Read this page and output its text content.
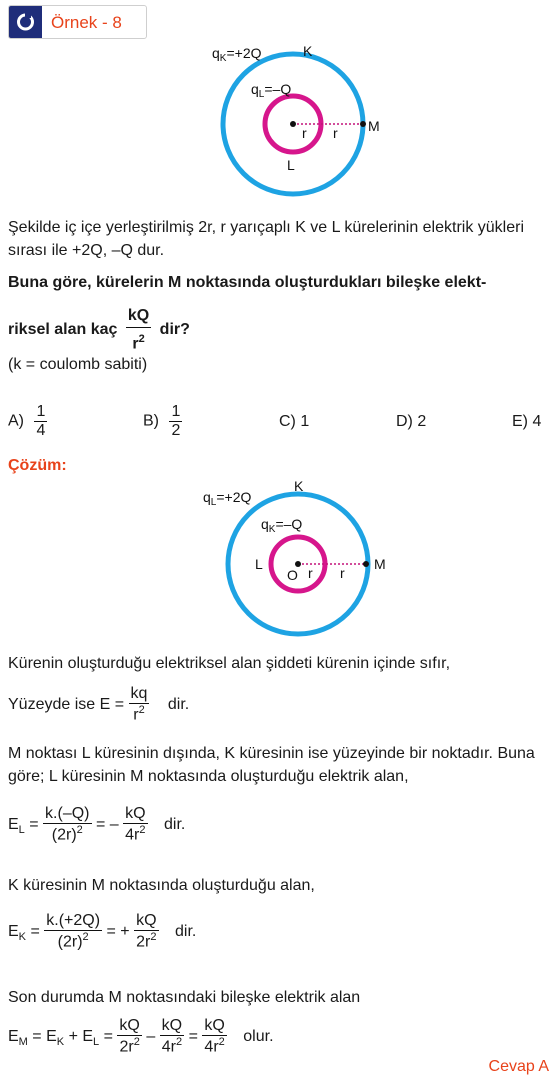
Örnek - 8
$q_K=+2Q$	K
$q_L=-Q$
r r M
L
Şekilde iç içe yerleştirilmiş 2r, r yarıçaplı K ve L kürelerinin elektrik yükleri sırası ile +2Q, –Q dur.
Buna göre, kürelerin M noktasında oluşturdukları bileşke elekt-
riksel alan kaç $\frac{kQ}{r^2}$ dir?
(k = coulomb sabiti)
$A) \frac{1}{4}$	$B) \frac{1}{2}$	C) 1	D) 2	E) 4
Çözüm:
$q_L=+2Q$
K
$q_K=-Q$
L
O r r
M
Kürenin oluşturduğu elektriksel alan şiddeti kürenin içinde sıfır,
Yüzeyde ise $E = \frac{kq}{r^2}$ dir.
M noktası L küresinin dışında, K küresinin ise yüzeyinde bir noktadır. Buna göre; L küresinin M noktasında oluşturduğu elektrik alan,
$E_L = \frac{k.(-Q)}{(2r)^2}$ = – $\frac{kQ}{4r^2}$ dir.
K küresinin M noktasında oluşturduğu alan,
$E_K = \frac{k.(+2Q)}{(2r)^2}$ = + $\frac{kQ}{2r^2}$ dir.
Son durumda M noktasındaki bileşke elektrik alan
$E_M = E_K + E_L = \frac{kQ}{2r^2} - \frac{kQ}{4r^2} = \frac{kQ}{4r^2}$ olur.
Cevap A
